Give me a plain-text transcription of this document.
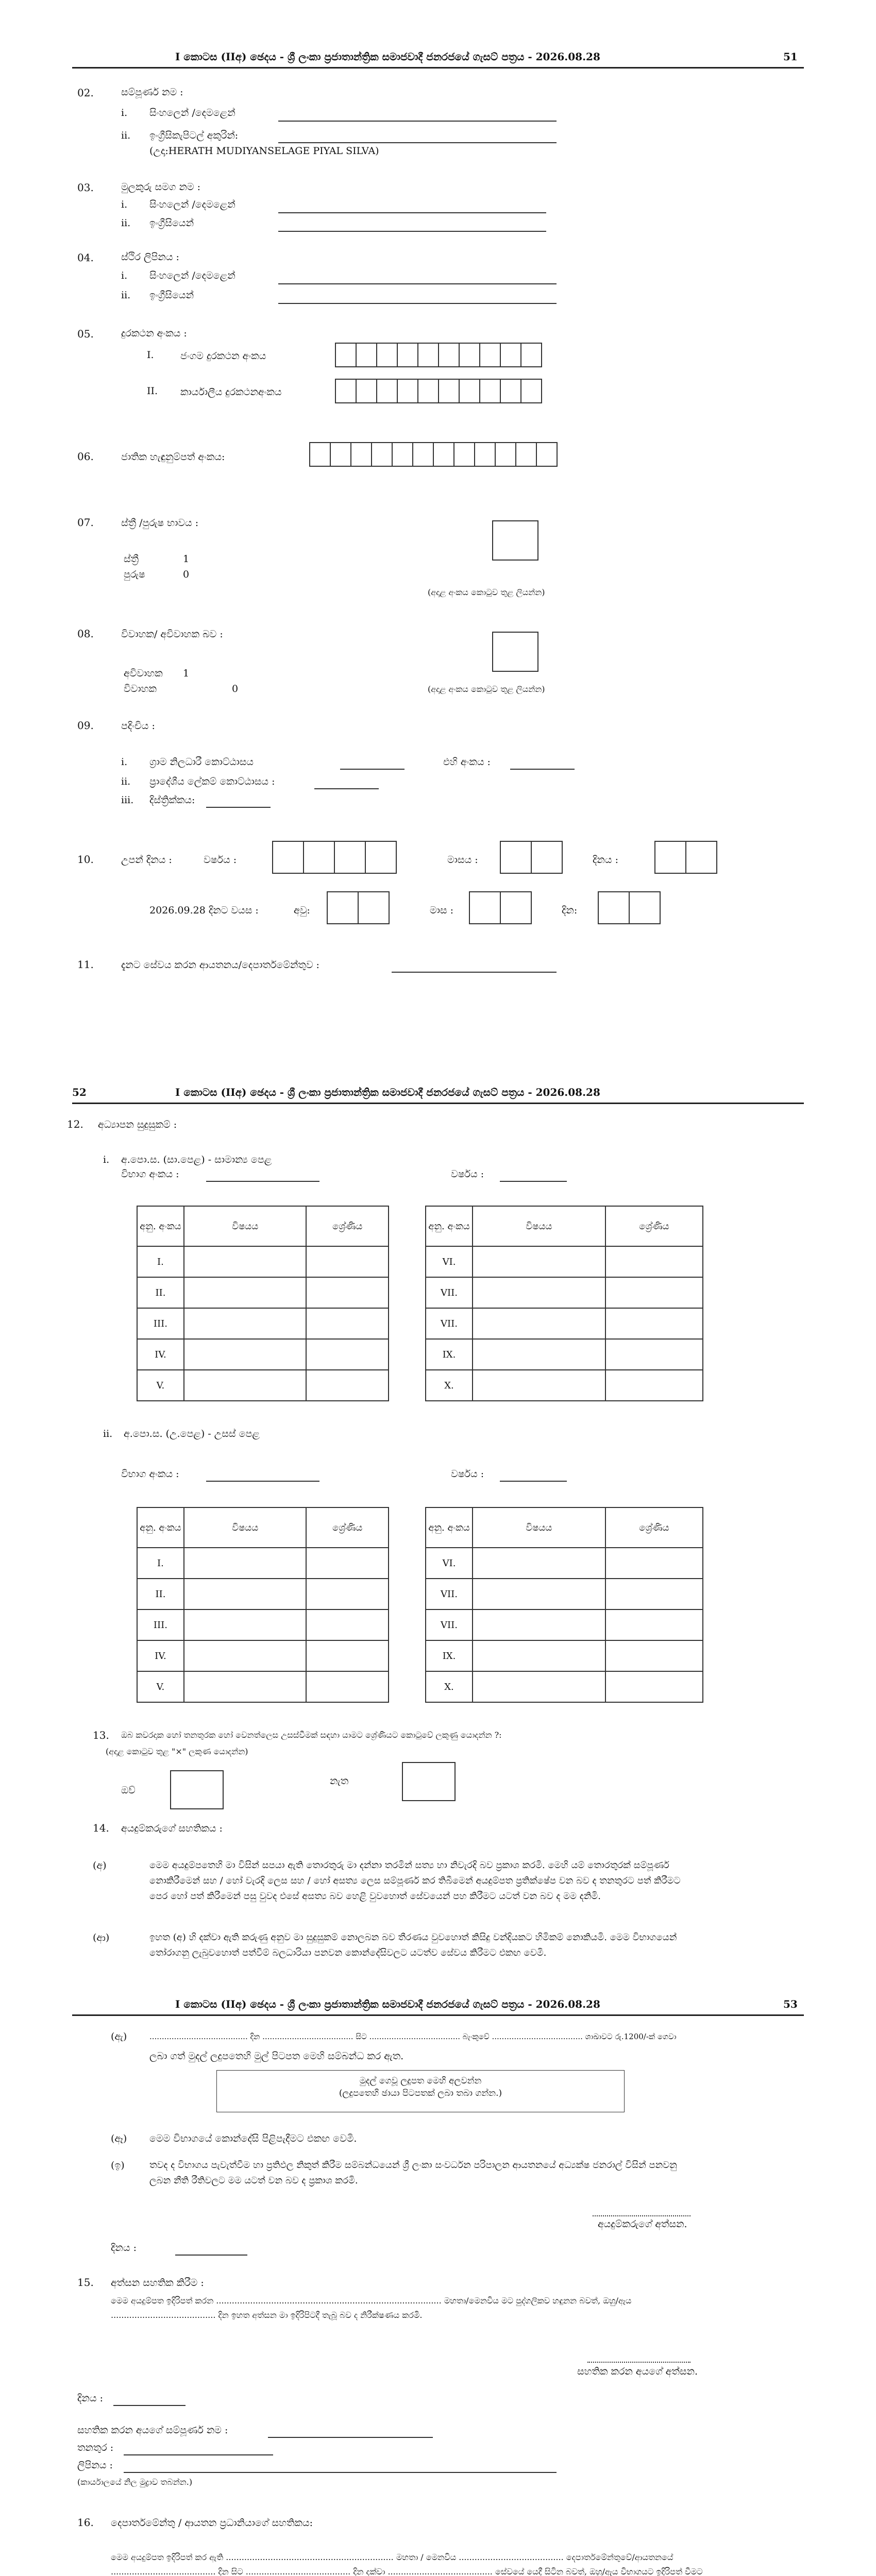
I කොටස (IIඅ) ඡෙදය - ශ්‍රී ලංකා ප්‍රජාතාන්ත්‍රික සමාජවාදී ජනරජයේ ගැසට් පත්‍රය - 2026.08.28	51
02.	සම්පූර්ණ නම :
i. සිංහලෙන් /දෙමළෙන්
ii. ඉංග්‍රීසිකැපිටල් අකුරින්:
(උදා:HERATH MUDIYANSELAGE PIYAL SILVA)
03.	මුලකුරු සමග නම :
i. සිංහලෙන් /දෙමළෙන්
ii. ඉංග්‍රීසියෙන්
04.	ස්ථිර ලිපිනය :
i. සිංහලෙන් /දෙමළෙන්
ii. ඉංග්‍රීසියෙන්
05.	දුරකථන අංකය :
I.	ජංගම දුරකථන අංකය
II. කාර්යාලීය දුරකථනඅංකය
06.	ජාතික හැඳුනුම්පත් අංකය:
07.	ස්ත්‍රී /පුරුෂ භාවය :
ස්ත්‍රී	1
පුරුෂ	0
(අදාළ අංකය කොටුව තුළ ලියන්න)
08.	විවාහක/ අවිවාහක බව :
අවිවාහක 1
විවාහක	0	(අදාළ අංකය කොටුව තුළ ලියන්න)
09.	පදිංචිය :
i. ග්‍රාම නිලධාරී කොට්ඨාසය	එහි අංකය :
ii. ප්‍රාදේශීය ලේකම් කොට්ඨාසය :
iii. දිස්ත්‍රික්කය:
10.	උපන් දිනය :	වර්ෂය :	මාසය :	දිනය :
2026.09.28 දිනට වයස :	අවු:	මාස :	දින:
11.	දැනට සේවය කරන ආයතනය/දෙපාර්තමේන්තුව :
52	I කොටස (IIඅ) ඡෙදය - ශ්‍රී ලංකා ප්‍රජාතාන්ත්‍රික සමාජවාදී ජනරජයේ ගැසට් පත්‍රය - 2026.08.28
12. අධ්‍යාපන සුදුසුකම් :
i. අ.පො.ස. (සා.පෙළ) - සාමාන්‍ය පෙළ
විභාග අංකය :	වර්ෂය :
අනු. අංකය	විෂයය	ශ්‍රේණිය
I.		
II.		
III.		
IV.		
V.		
අනු. අංකය	විෂයය	ශ්‍රේණිය
VI.		
VII.		
VII.		
IX.		
X.		
ii. අ.පො.ස. (උ.පෙළ) - උසස් පෙළ
විභාග අංකය :	වර්ෂය :
අනු. අංකය	විෂයය	ශ්‍රේණිය
I.		
II.		
III.		
IV.		
V.		
අනු. අංකය	විෂයය	ශ්‍රේණිය
VI.		
VII.		
VII.		
IX.		
X.		
13. ඔබ කවරදාක හෝ තනතුරක හෝ වෙනත්ලෙස උසස්වීමක් සඳහා යාමට ශ්‍රේණියට කොටුවේ ලකුණු යොදන්න ?:
(අදාළ කොටුව තුළ "×" ලකුණ යොදන්න)
ඔව්
නැත
14. අයදුම්කරුගේ සහතිකය :
(අ)	මෙම අයදුම්පතෙහි මා විසින් සපයා ඇති තොරතුරු මා දන්නා තරමින් සත්‍ය හා නිවැරදි බව ප්‍රකාශ කරමි. මෙහි යම් තොරතුරක් සම්පූර්ණ නොකිරීමෙන් සහ / හෝ වැරදි ලෙස සහ / හෝ අසත්‍ය ලෙස සම්පූර්ණ කර තිබීමෙන් අයදුම්පත ප්‍රතික්ෂේප වන බව ද තනතුරට පත් කිරීමට පෙර හෝ පත් කිරීමෙන් පසු වුවද එසේ අසත්‍ය බව හෙළි වුවහොත් සේවයෙන් පහ කිරීමට යටත් වන බව ද මම දනිමි.
(ආ)	ඉහත (අ) හි දක්වා ඇති කරුණු අනුව මා සුදුසුකම් නොලබන බව තීරණය වුවහොත් කිසිදු වන්දියකට හිමිකම් නොකියමි. මෙම විභාගයෙන් තෝරාගනු ලැබුවහොත් පත්වීම් බලධාරියා පනවන කොන්දේසිවලට යටත්ව සේවය කිරීමට එකඟ වෙමි.
I කොටස (IIඅ) ඡෙදය - ශ්‍රී ලංකා ප්‍රජාතාන්ත්‍රික සමාජවාදී ජනරජයේ ගැසට් පත්‍රය - 2026.08.28	53
(ඇ)	........................................ දින ..................................... සිට ..................................... බැංකුවේ ..................................... ශාඛාවට රු.1200/-ක් ගෙවා
ලබා ගත් මුදල් ලදුපතෙහි මුල් පිටපත මෙහි සම්බන්ධ කර ඇත.
මුදල් ගෙවූ ලදුපත මෙහි අලවන්න
(ලදුපතෙහි ඡායා පිටපතක් ලබා තබා ගන්න.)
(ඈ) මෙම විභාගයේ කොන්දේසි පිළිපැදීමට එකඟ වෙමි.
(ඉ)	තවද ද විභාගය පැවැත්වීම හා ප්‍රතිඵල නිකුත් කිරීම සම්බන්ධයෙන් ශ්‍රී ලංකා සංවර්ධන පරිපාලන ආයතනයේ අධ්‍යක්ෂ ජනරාල් විසින් පනවනු ලබන නීති රීතිවලට මම යටත් වන බව ද ප්‍රකාශ කරමි.
අයදුම්කරුගේ අත්සන.
දිනය :
15. අත්සන සහතික කිරීම :
මෙම අයදුම්පත ඉදිරිපත් කරන ...................................................................................... මහතා/මෙනවිය මට පුද්ගලිකව හඳුනන බවත්, ඔහු/ඇය ........................................ දින ඉහත අත්සන මා ඉදිරිපිටදී තැබූ බව ද නිරීක්ෂණය කරමි.
සහතික කරන අයගේ අත්සන.
දිනය :
සහතික කරන අයගේ සම්පූර්ණ නම :
තනතුර :
ලිපිනය :
(කාර්යාලයේ නිල මුද්‍රාව තබන්න.)
16. දෙපාර්තමේන්තු / ආයතන ප්‍රධානියාගේ සහතිකය:
මෙම අයදුම්පත ඉදිරිපත් කර ඇති ................................................................ මහතා / මෙනවිය ........................................ දෙපාර්තමේන්තුවේ/ආයතනයේ ........................................ දින සිට ........................................ දින දක්වා ........................................ සේවයේ යෙදී සිටින බවත්, ඔහු/ඇය විභාගයට ඉදිරිපත් වීමට
